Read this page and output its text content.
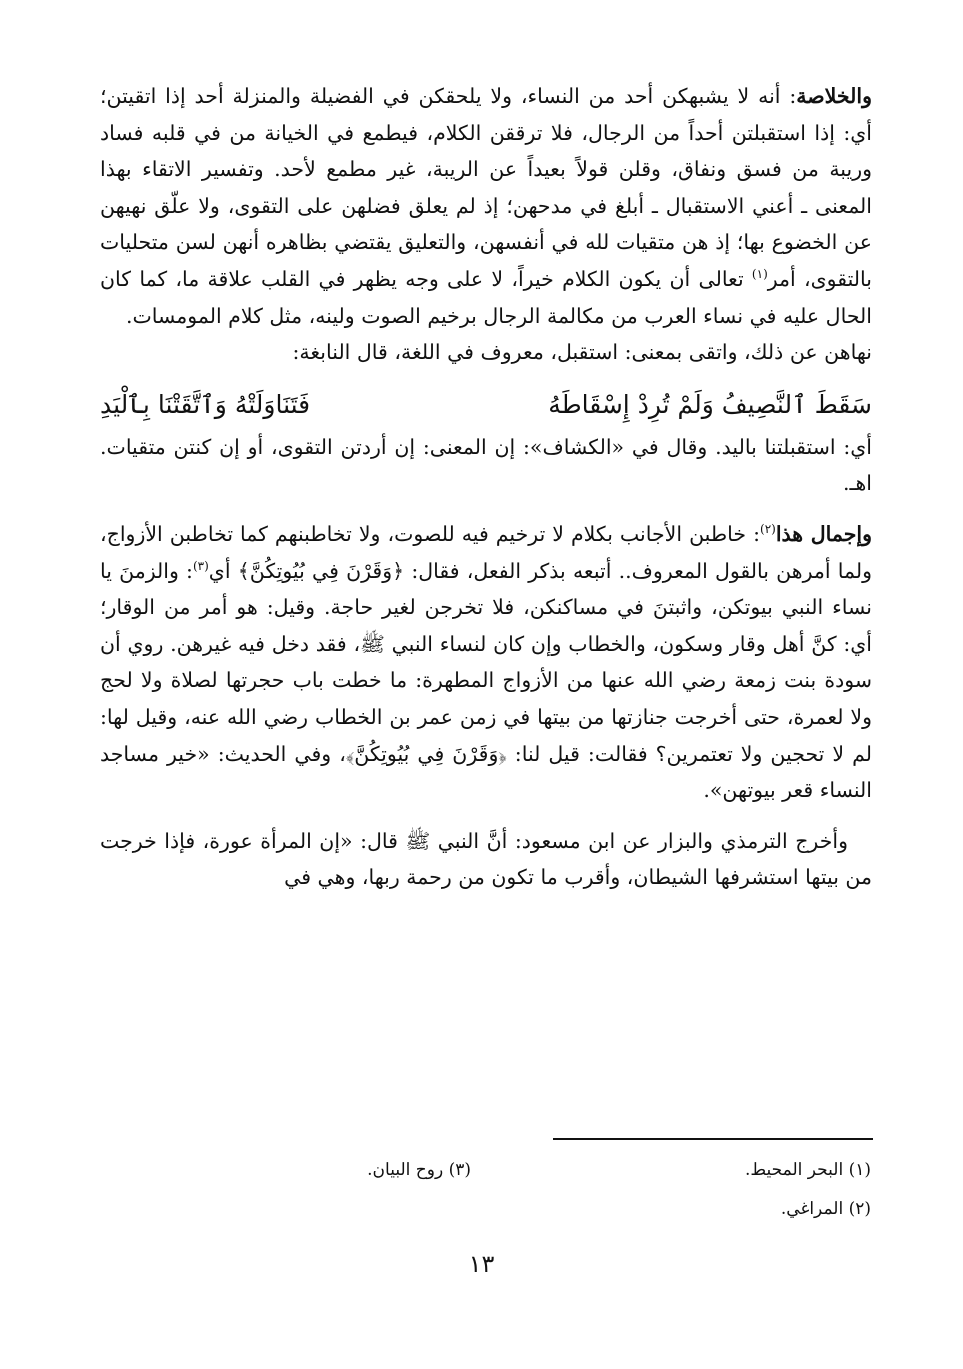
والخلاصة: أنه لا يشبهكن أحد من النساء، ولا يلحقكن في الفضيلة والمنزلة أحد إذا اتقيتن؛ أي: إذا استقبلتن أحداً من الرجال، فلا ترققن الكلام، فيطمع في الخيانة من في قلبه فساد وريبة من فسق ونفاق، وقلن قولاً بعيداً عن الريبة، غير مطمع لأحد. وتفسير الاتقاء بهذا المعنى ـ أعني الاستقبال ـ أبلغ في مدحهن؛ إذ لم يعلق فضلهن على التقوى، ولا علّق نهيهن عن الخضوع بها؛ إذ هن متقيات لله في أنفسهن، والتعليق يقتضي بظاهره أنهن لسن متحليات بالتقوى، أمر$^{(١)}$ تعالى أن يكون الكلام خيراً، لا على وجه يظهر في القلب علاقة ما، كما كان الحال عليه في نساء العرب من مكالمة الرجال برخيم الصوت ولينه، مثل كلام المومسات.

نهاهن عن ذلك، واتقى بمعنى: استقبل، معروف في اللغة، قال النابغة:

سَقَطَ ٱلنَّصِيفُ وَلَمْ تُرِدْ إِسْقَاطَهُ
فَتَنَاوَلَتْهُ وَٱتَّقَتْنَا بِٱلْيَدِ

أي: استقبلتنا باليد. وقال في «الكشاف»: إن المعنى: إن أردتن التقوى، أو إن كنتن متقيات. اهـ.

وإجمال هذا$^{(٢)}$: خاطبن الأجانب بكلام لا ترخيم فيه للصوت، ولا تخاطبنهم كما تخاطبن الأزواج، ولما أمرهن بالقول المعروف.. أتبعه بذكر الفعل، فقال: ﴿وَقَرْنَ فِي بُيُوتِكُنَّ﴾ أي$^{(٣)}$: والزمنَ يا نساء النبي بيوتكن، واثبتنَ في مساكنكن، فلا تخرجن لغير حاجة. وقيل: هو أمر من الوقار؛ أي: كنَّ أهل وقار وسكون، والخطاب وإن كان لنساء النبي ﷺ، فقد دخل فيه غيرهن. روي أن سودة بنت زمعة رضي الله عنها من الأزواج المطهرة: ما خطت باب حجرتها لصلاة ولا لحج ولا لعمرة، حتى أخرجت جنازتها من بيتها في زمن عمر بن الخطاب رضي الله عنه، وقيل لها: لم لا تحجين ولا تعتمرين؟ فقالت: قيل لنا: ﴿وَقَرْنَ فِي بُيُوتِكُنَّ﴾، وفي الحديث: «خير مساجد النساء قعر بيوتهن».

وأخرج الترمذي والبزار عن ابن مسعود: أنَّ النبي ﷺ قال: «إن المرأة عورة، فإذا خرجت من بيتها استشرفها الشيطان، وأقرب ما تكون من رحمة ربها، وهي في

(١) البحر المحيط.
(٣) روح البيان.
(٢) المراغي.
١٣
